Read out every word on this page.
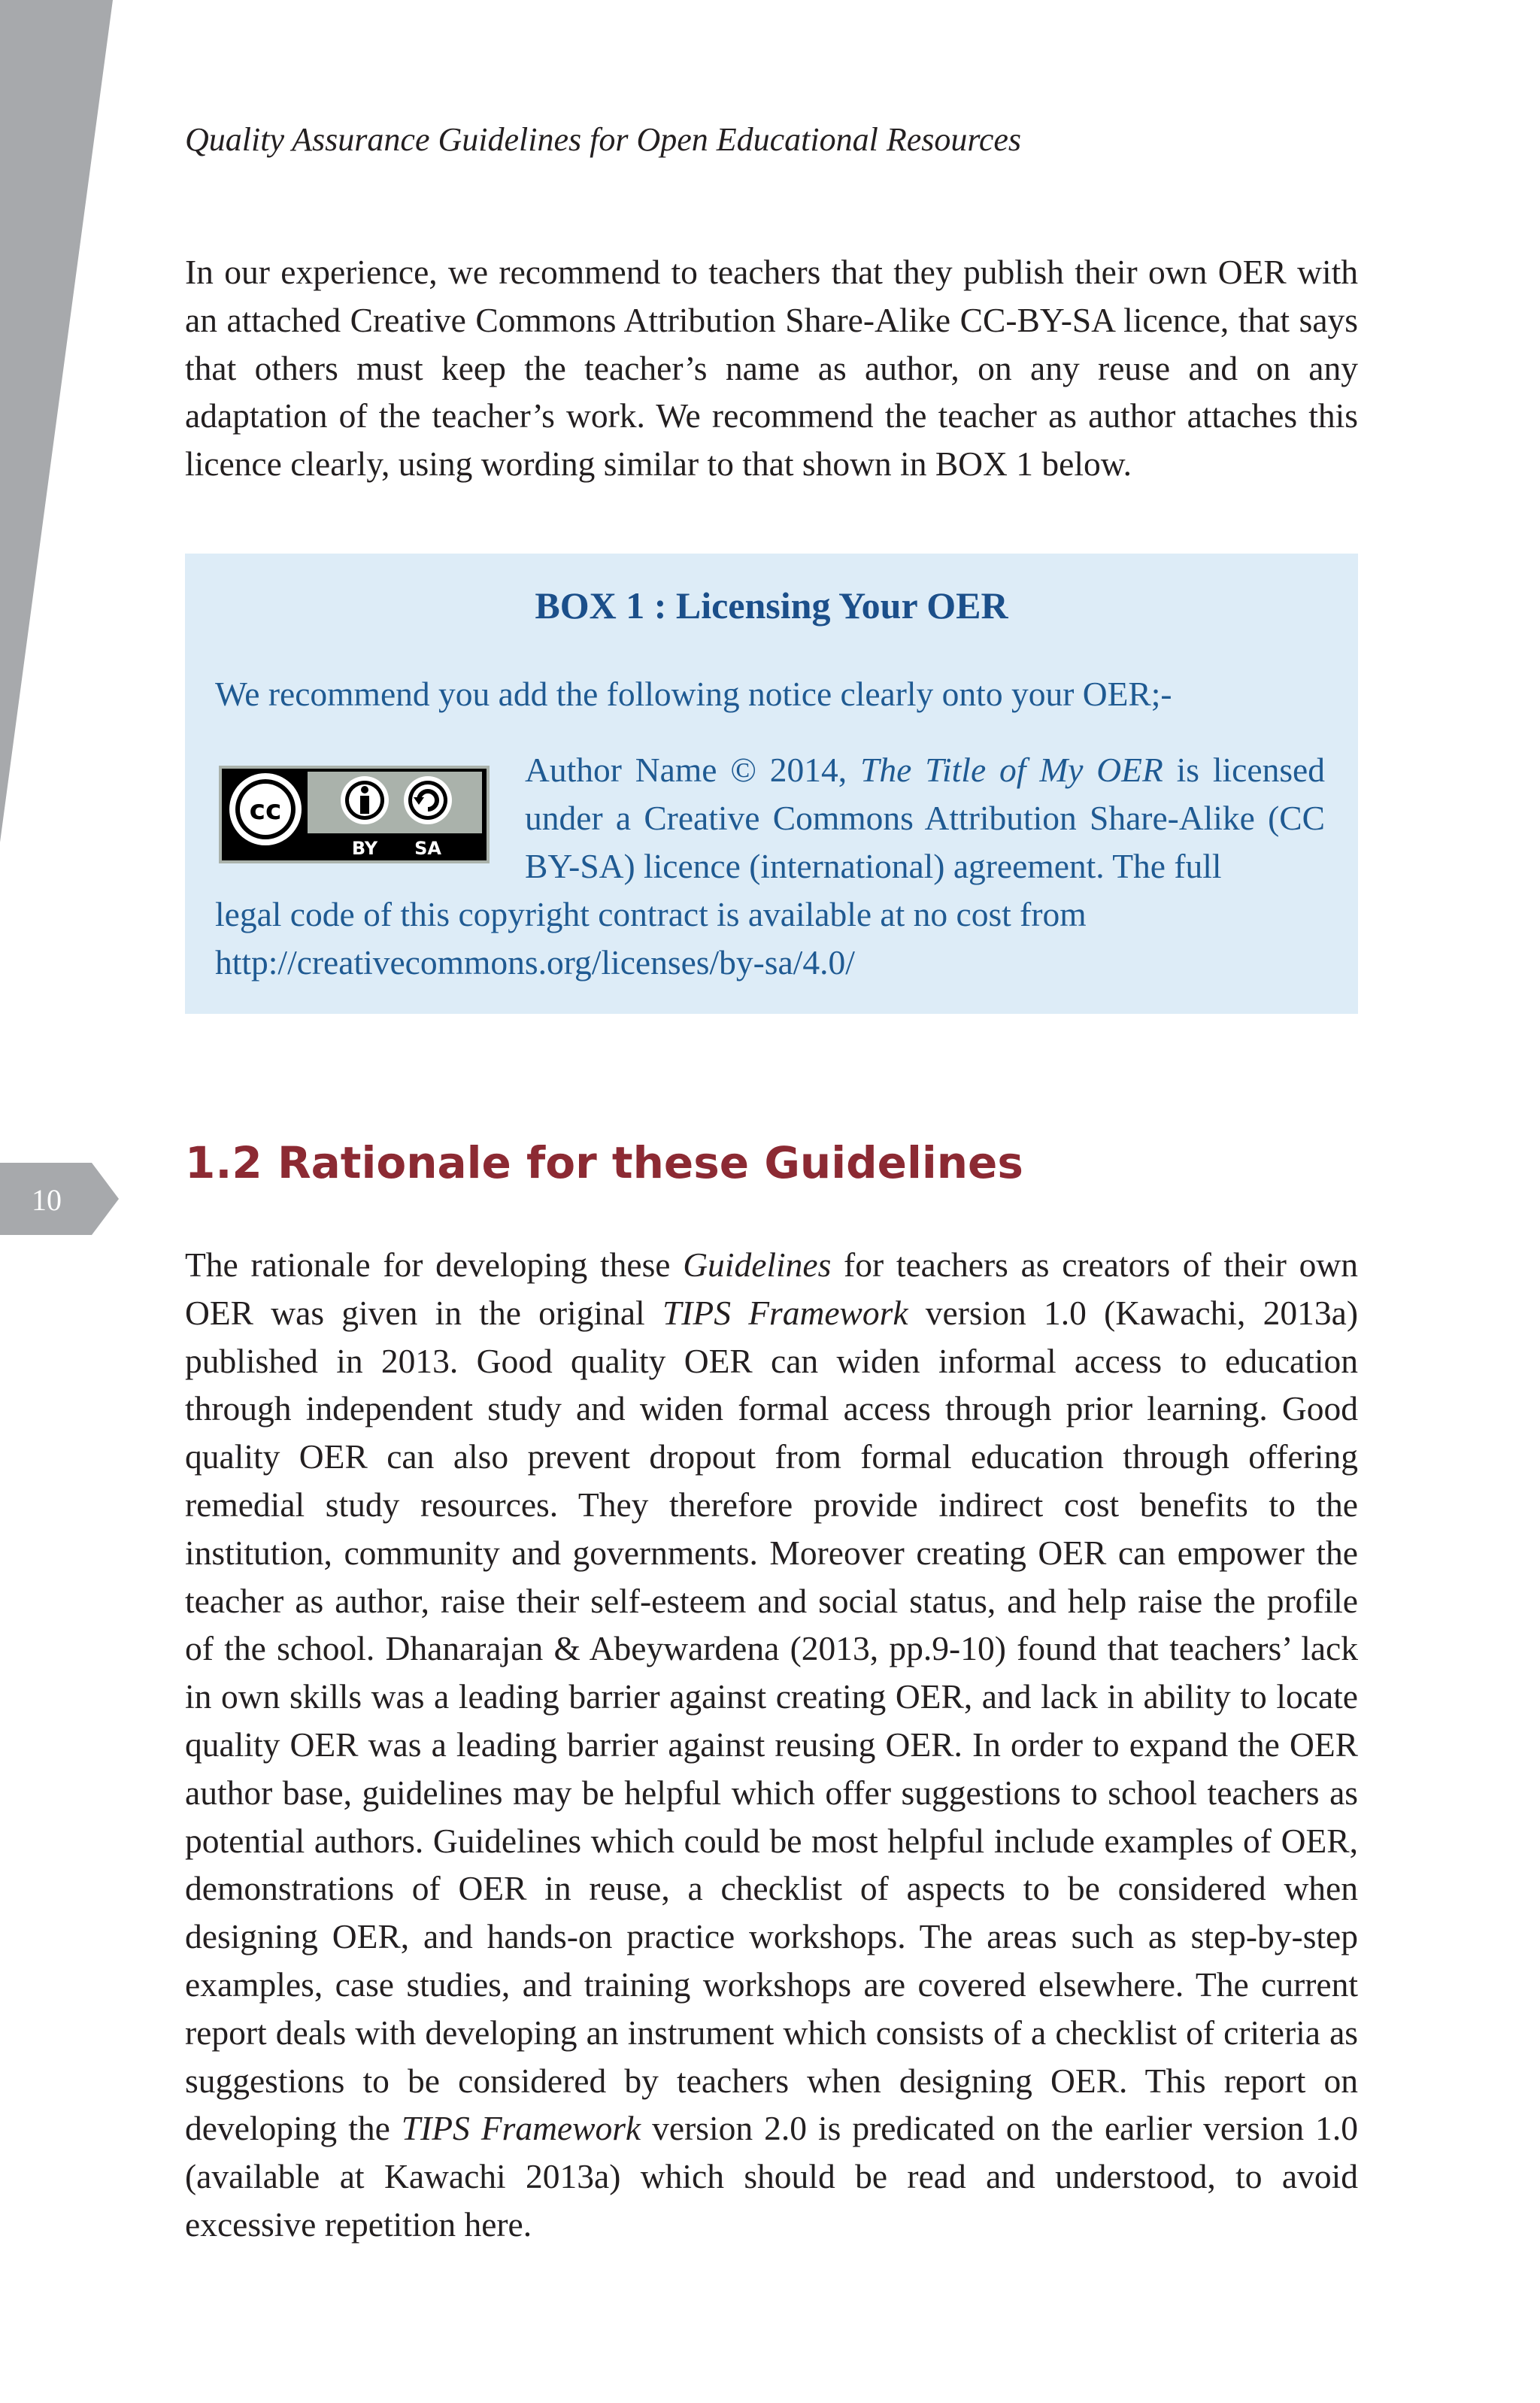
Quality Assurance Guidelines for Open Educational Resources

In our experience, we recommend to teachers that they publish their own OER with an attached Creative Commons Attribution Share-Alike CC-BY-SA licence, that says that others must keep the teacher’s name as author, on any reuse and on any adaptation of the teacher’s work. We recommend the teacher as author attaches this licence clearly, using wording similar to that shown in BOX 1 below.

BOX 1 : Licensing Your OER

We recommend you add the following notice clearly onto your OER;-

cc
BY SA

Author Name © 2014, The Title of My OER is licensed under a Creative Commons Attribution Share-Alike (CC BY-SA) licence (international) agreement. The full

legal code of this copyright contract is available at no cost from http://creativecommons.org/licenses/by-sa/4.0/

10
1.2 Rationale for these Guidelines

The rationale for developing these Guidelines for teachers as creators of their own OER was given in the original TIPS Framework version 1.0 (Kawachi, 2013a) published in 2013. Good quality OER can widen informal access to education through independent study and widen formal access through prior learning. Good quality OER can also prevent dropout from formal education through offering remedial study resources. They therefore provide indirect cost benefits to the institution, community and governments. Moreover creating OER can empower the teacher as author, raise their self-esteem and social status, and help raise the profile of the school. Dhanarajan & Abeywardena (2013, pp.9-10) found that teachers’ lack in own skills was a leading barrier against creating OER, and lack in ability to locate quality OER was a leading barrier against reusing OER. In order to expand the OER author base, guidelines may be helpful which offer suggestions to school teachers as potential authors. Guidelines which could be most helpful include examples of OER, demonstrations of OER in reuse, a checklist of aspects to be considered when designing OER, and hands-on practice workshops. The areas such as step-by-step examples, case studies, and training workshops are covered elsewhere. The current report deals with developing an instrument which consists of a checklist of criteria as suggestions to be considered by teachers when designing OER. This report on developing the TIPS Framework version 2.0 is predicated on the earlier version 1.0 (available at Kawachi 2013a) which should be read and understood, to avoid excessive repetition here.
